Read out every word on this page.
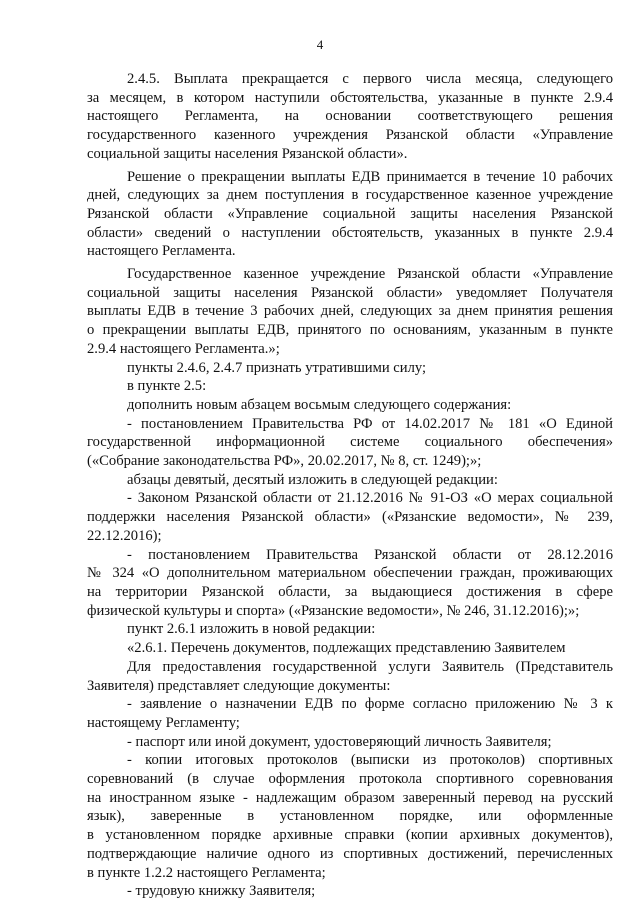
4

2.4.5. Выплата прекращается с первого числа месяца, следующего
за месяцем, в котором наступили обстоятельства, указанные в пункте 2.9.4
настоящего Регламента, на основании соответствующего решения
государственного казенного учреждения Рязанской области «Управление
социальной защиты населения Рязанской области».

Решение о прекращении выплаты ЕДВ принимается в течение 10 рабочих
дней, следующих за днем поступления в государственное казенное учреждение
Рязанской области «Управление социальной защиты населения Рязанской
области» сведений о наступлении обстоятельств, указанных в пункте 2.9.4
настоящего Регламента.

Государственное казенное учреждение Рязанской области «Управление
социальной защиты населения Рязанской области» уведомляет Получателя
выплаты ЕДВ в течение 3 рабочих дней, следующих за днем принятия решения
о прекращении выплаты ЕДВ, принятого по основаниям, указанным в пункте
2.9.4 настоящего Регламента.»;

пункты 2.4.6, 2.4.7 признать утратившими силу;

в пункте 2.5:

дополнить новым абзацем восьмым следующего содержания:

- постановлением Правительства РФ от 14.02.2017 № 181 «О Единой
государственной информационной системе социального обеспечения»
(«Собрание законодательства РФ», 20.02.2017, № 8, ст. 1249);»;

абзацы девятый, десятый изложить в следующей редакции:

- Законом Рязанской области от 21.12.2016 № 91-ОЗ «О мерах социальной
поддержки населения Рязанской области» («Рязанские ведомости», № 239,
22.12.2016);

- постановлением Правительства Рязанской области от 28.12.2016
№ 324 «О дополнительном материальном обеспечении граждан, проживающих
на территории Рязанской области, за выдающиеся достижения в сфере
физической культуры и спорта» («Рязанские ведомости», № 246, 31.12.2016);»;

пункт 2.6.1 изложить в новой редакции:

«2.6.1. Перечень документов, подлежащих представлению Заявителем

Для предоставления государственной услуги Заявитель (Представитель
Заявителя) представляет следующие документы:

- заявление о назначении ЕДВ по форме согласно приложению № 3 к
настоящему Регламенту;

- паспорт или иной документ, удостоверяющий личность Заявителя;

- копии итоговых протоколов (выписки из протоколов) спортивных
соревнований (в случае оформления протокола спортивного соревнования
на иностранном языке - надлежащим образом заверенный перевод на русский
язык), заверенные в установленном порядке, или оформленные
в установленном порядке архивные справки (копии архивных документов),
подтверждающие наличие одного из спортивных достижений, перечисленных
в пункте 1.2.2 настоящего Регламента;

- трудовую книжку Заявителя;
